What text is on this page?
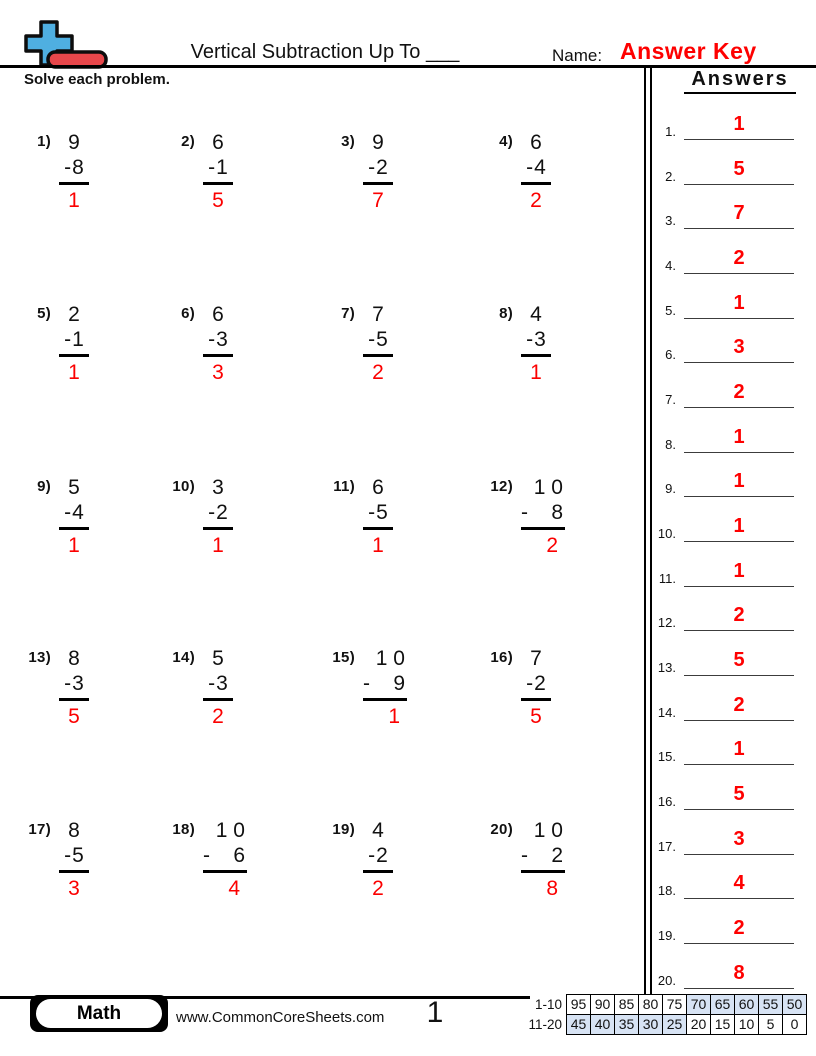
Vertical Subtraction Up To ___	Name: Answer Key
Solve each problem.	Answers
1.	1
2.	5
3.	7
4.	2
5.	1
6.	3
7.	2
8.	1
9.	1
10.	1
11.	1
12.	2
13.	5
14.	2
15.	1
16.	5
17.	3
18.	4
19.	2
20.	8
1) 9
- 8
1
2) 6
- 1
5
3) 9
- 2
7
4) 6
- 4
2
5) 2
- 1
1
6) 6
- 3
3
7) 7
- 5
2
8) 4
- 3
1
9) 5
- 4
1
10) 3
- 2
1
11) 6
- 5
1
12) 1 0
- 8
2
13) 8
- 3
5
14) 5
- 3
2
15) 1 0
- 9
1
16) 7
- 2
5
17) 8
- 5
3
18) 1 0
- 6
4
19) 4
- 2
2
20) 1 0
- 2
8
Math	www.CommonCoreSheets.com	1	1-10	95	90	85	80	75	70	65	60	55	50
11-20	45	40	35	30	25	20	15	10	5	0
